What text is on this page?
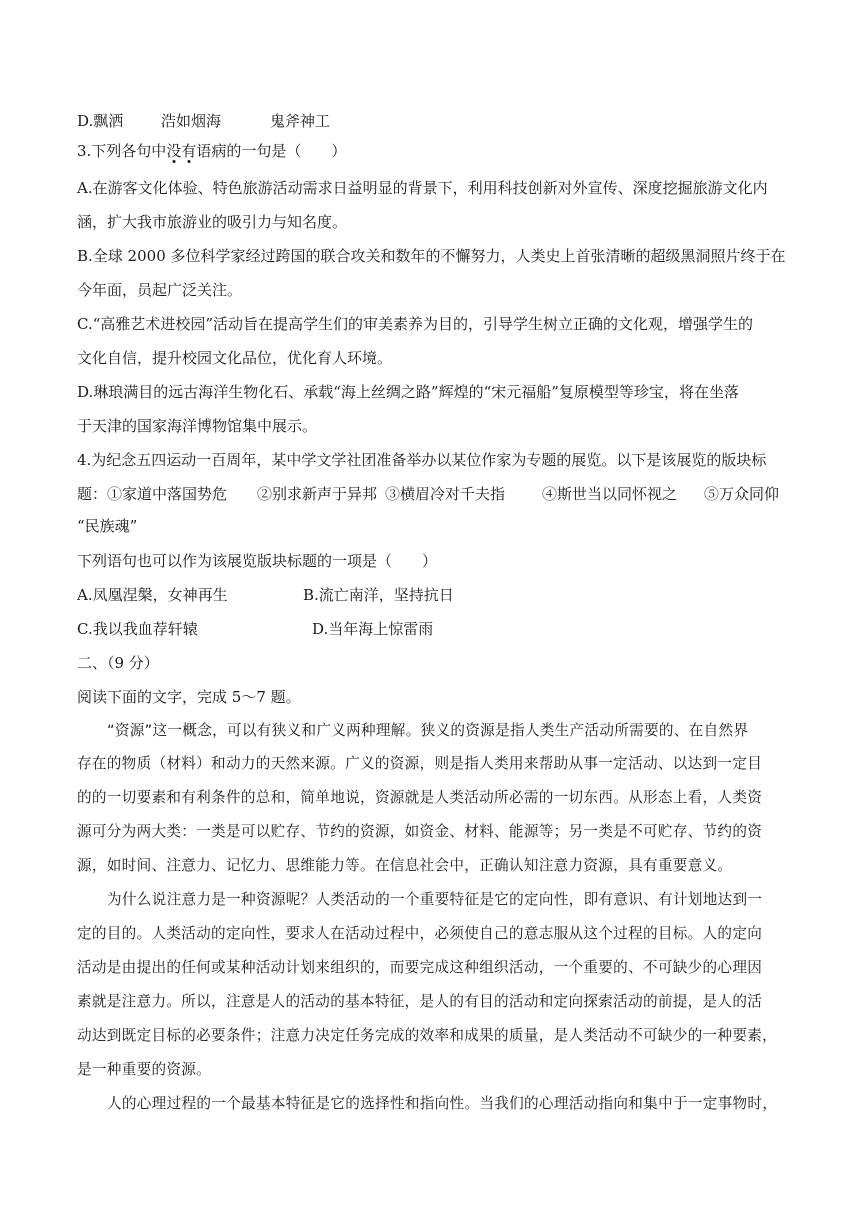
D.飘洒	浩如烟海	鬼斧神工
3.下列各句中没
有
语病的一句是（　　）
A.在游客文化体验、特色旅游活动需求日益明显的背景下，利用科技创新对外宣传、深度挖掘旅游文化内
涵，扩大我市旅游业的吸引力与知名度。
B.全球 2000 多位科学家经过跨国的联合攻关和数年的不懈努力，人类史上首张清晰的超级黑洞照片终于在
今年面，员起广泛关注。
C.“高雅艺术进校园”活动旨在提高学生们的审美素养为目的，引导学生树立正确的文化观，增强学生的
文化自信，提升校园文化品位，优化育人环境。
D.琳琅满目的远古海洋生物化石、承载“海上丝绸之路”辉煌的“宋元福船”复原模型等珍宝，将在坐落
于天津的国家海洋博物馆集中展示。
4.为纪念五四运动一百周年，某中学文学社团准备举办以某位作家为专题的展览。以下是该展览的版块标
题： ①家道中落国势危 ②别求新声于异邦 ③横眉冷对千夫指 ④斯世当以同怀视之 ⑤万众同仰
“民族魂”
下列语句也可以作为该展览版块标题的一项是（　　）
A.凤凰涅槃，女神再生	B.流亡南洋，坚持抗日
C.我以我血荐轩辕	D.当年海上惊雷雨
二、（9 分）
阅读下面的文字，完成 5～7 题。
“资源”这一概念，可以有狭义和广义两种理解。狭义的资源是指人类生产活动所需要的、在自然界
存在的物质（材料）和动力的天然来源。广义的资源，则是指人类用来帮助从事一定活动、以达到一定目
的的一切要素和有利条件的总和，简单地说，资源就是人类活动所必需的一切东西。从形态上看，人类资
源可分为两大类：一类是可以贮存、节约的资源，如资金、材料、能源等；另一类是不可贮存、节约的资
源，如时间、注意力、记忆力、思维能力等。在信息社会中，正确认知注意力资源，具有重要意义。
为什么说注意力是一种资源呢？人类活动的一个重要特征是它的定向性，即有意识、有计划地达到一
定的目的。人类活动的定向性，要求人在活动过程中，必须使自己的意志服从这个过程的目标。人的定向
活动是由提出的任何或某种活动计划来组织的，而要完成这种组织活动，一个重要的、不可缺少的心理因
素就是注意力。所以，注意是人的活动的基本特征，是人的有目的活动和定向探索活动的前提，是人的活
动达到既定目标的必要条件；注意力决定任务完成的效率和成果的质量，是人类活动不可缺少的一种要素，
是一种重要的资源。
人的心理过程的一个最基本特征是它的选择性和指向性。当我们的心理活动指向和集中于一定事物时，
